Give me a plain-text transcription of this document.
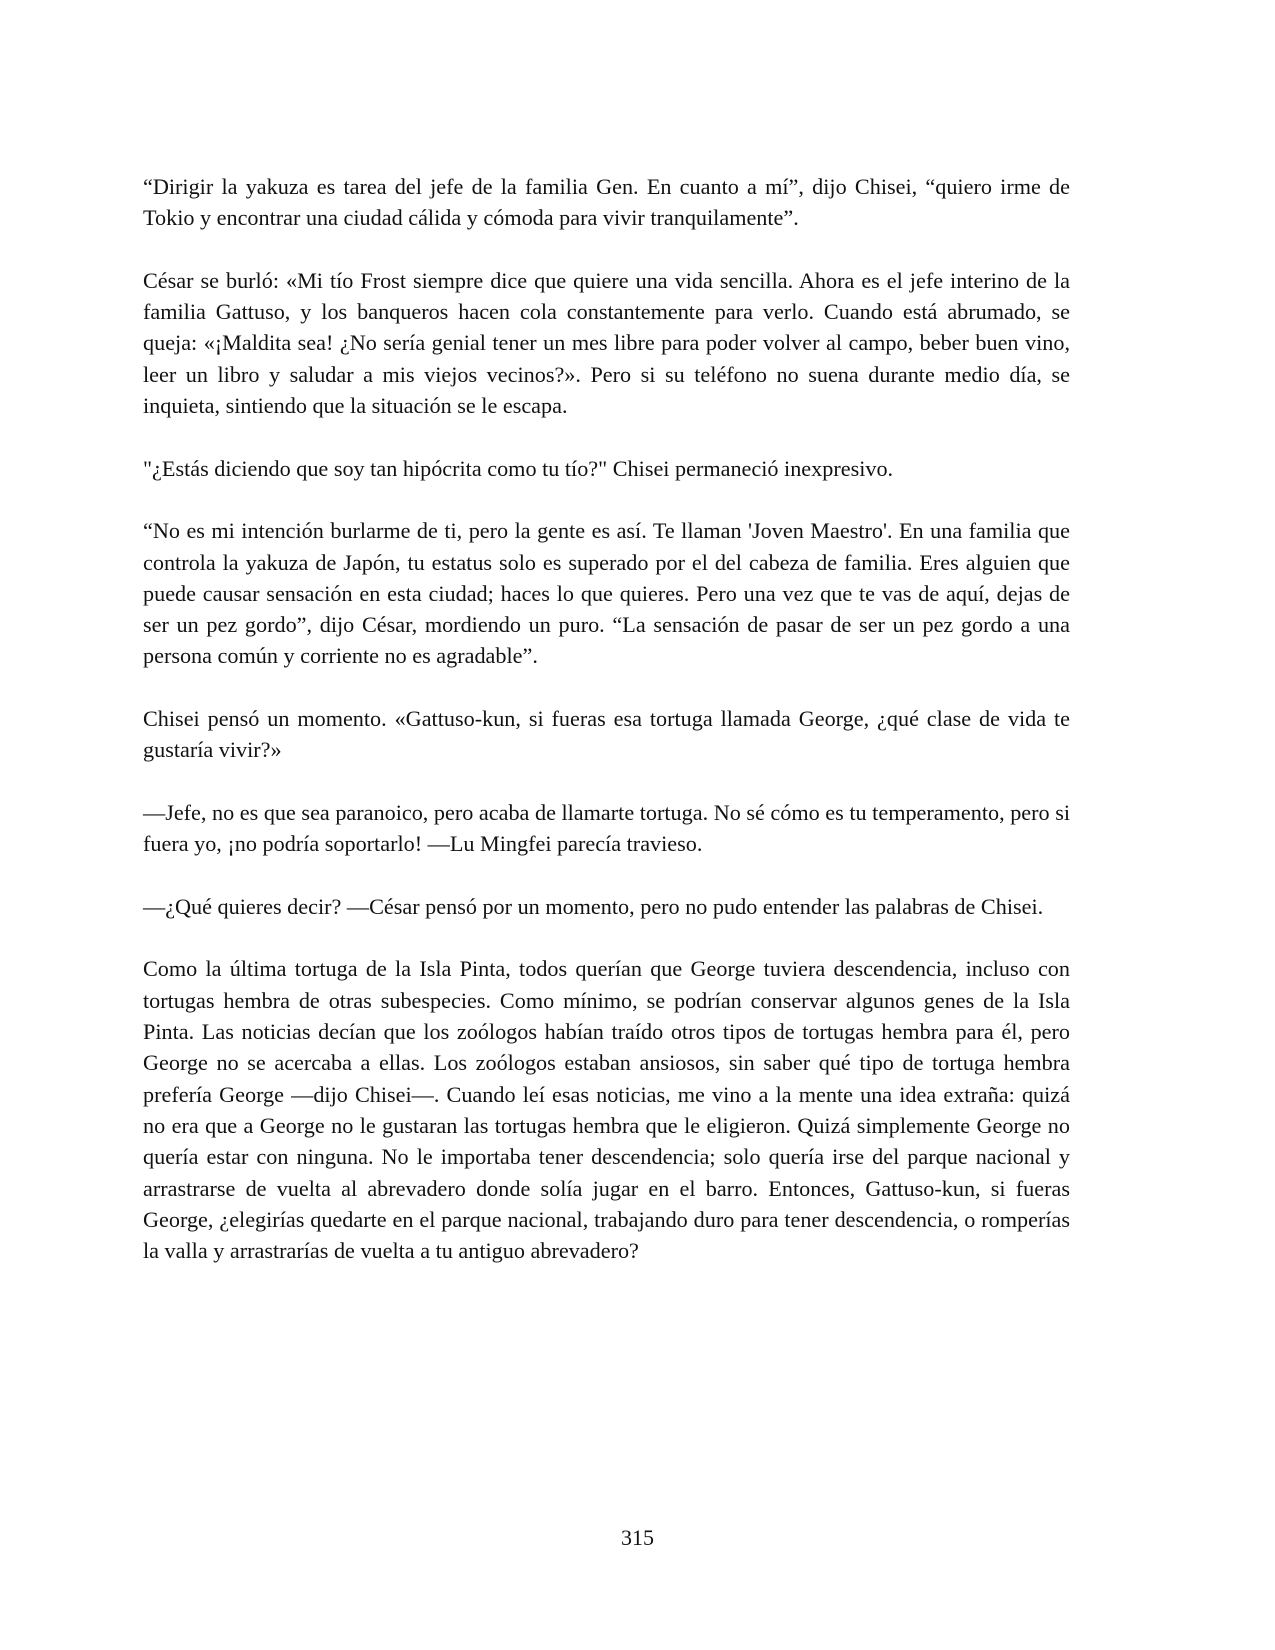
“Dirigir la yakuza es tarea del jefe de la familia Gen. En cuanto a mí”, dijo Chisei, “quiero irme de Tokio y encontrar una ciudad cálida y cómoda para vivir tranquilamente”.

César se burló: «Mi tío Frost siempre dice que quiere una vida sencilla. Ahora es el jefe interino de la familia Gattuso, y los banqueros hacen cola constantemente para verlo. Cuando está abrumado, se queja: «¡Maldita sea! ¿No sería genial tener un mes libre para poder volver al campo, beber buen vino, leer un libro y saludar a mis viejos vecinos?». Pero si su teléfono no suena durante medio día, se inquieta, sintiendo que la situación se le escapa.

"¿Estás diciendo que soy tan hipócrita como tu tío?" Chisei permaneció inexpresivo.

“No es mi intención burlarme de ti, pero la gente es así. Te llaman 'Joven Maestro'. En una familia que controla la yakuza de Japón, tu estatus solo es superado por el del cabeza de familia. Eres alguien que puede causar sensación en esta ciudad; haces lo que quieres. Pero una vez que te vas de aquí, dejas de ser un pez gordo”, dijo César, mordiendo un puro. “La sensación de pasar de ser un pez gordo a una persona común y corriente no es agradable”.

Chisei pensó un momento. «Gattuso-kun, si fueras esa tortuga llamada George, ¿qué clase de vida te gustaría vivir?»

—Jefe, no es que sea paranoico, pero acaba de llamarte tortuga. No sé cómo es tu temperamento, pero si fuera yo, ¡no podría soportarlo! —Lu Mingfei parecía travieso.

—¿Qué quieres decir? —César pensó por un momento, pero no pudo entender las palabras de Chisei.

Como la última tortuga de la Isla Pinta, todos querían que George tuviera descendencia, incluso con tortugas hembra de otras subespecies. Como mínimo, se podrían conservar algunos genes de la Isla Pinta. Las noticias decían que los zoólogos habían traído otros tipos de tortugas hembra para él, pero George no se acercaba a ellas. Los zoólogos estaban ansiosos, sin saber qué tipo de tortuga hembra prefería George —dijo Chisei—. Cuando leí esas noticias, me vino a la mente una idea extraña: quizá no era que a George no le gustaran las tortugas hembra que le eligieron. Quizá simplemente George no quería estar con ninguna. No le importaba tener descendencia; solo quería irse del parque nacional y arrastrarse de vuelta al abrevadero donde solía jugar en el barro. Entonces, Gattuso-kun, si fueras George, ¿elegirías quedarte en el parque nacional, trabajando duro para tener descendencia, o romperías la valla y arrastrarías de vuelta a tu antiguo abrevadero?

315
